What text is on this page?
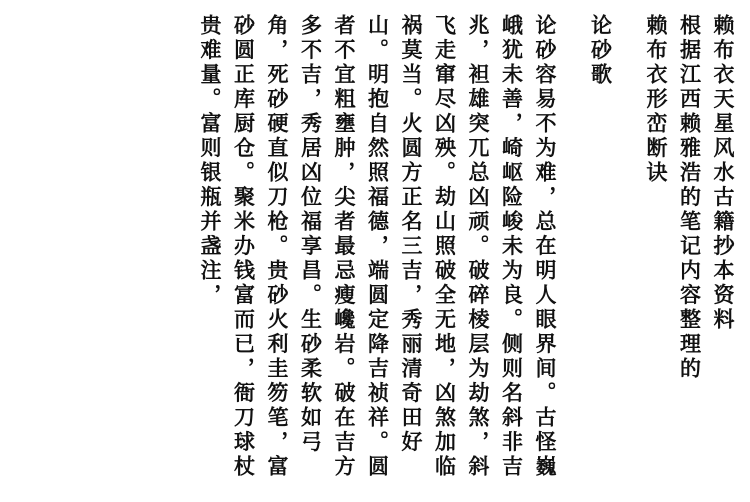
赖布衣天星风水古籍抄本资料

根据江西赖雅浩的笔记内容整理的

赖布衣形峦断诀

论砂歌

论砂容易不为难，总在明人眼界间。古怪巍峨犹未善，崎岖险峻未为良。侧则名斜非吉兆，袒雄突兀总凶顽。破碎棱层为劫煞，斜飞走窜尽凶殃。劫山照破全无地，凶煞加临祸莫当。火圆方正名三吉，秀丽清奇田好山。明抱自然照福德，端圆定降吉祯祥。圆者不宜粗壅肿，尖者最忌瘦巉岩。破在吉方多不吉，秀居凶位福享昌。生砂柔软如弓角，死砂硬直似刀枪。贵砂火利圭笏笔，富砂圆正库厨仓。聚米办钱富而已，衙刀球杖贵难量。富则银瓶并盏注，
